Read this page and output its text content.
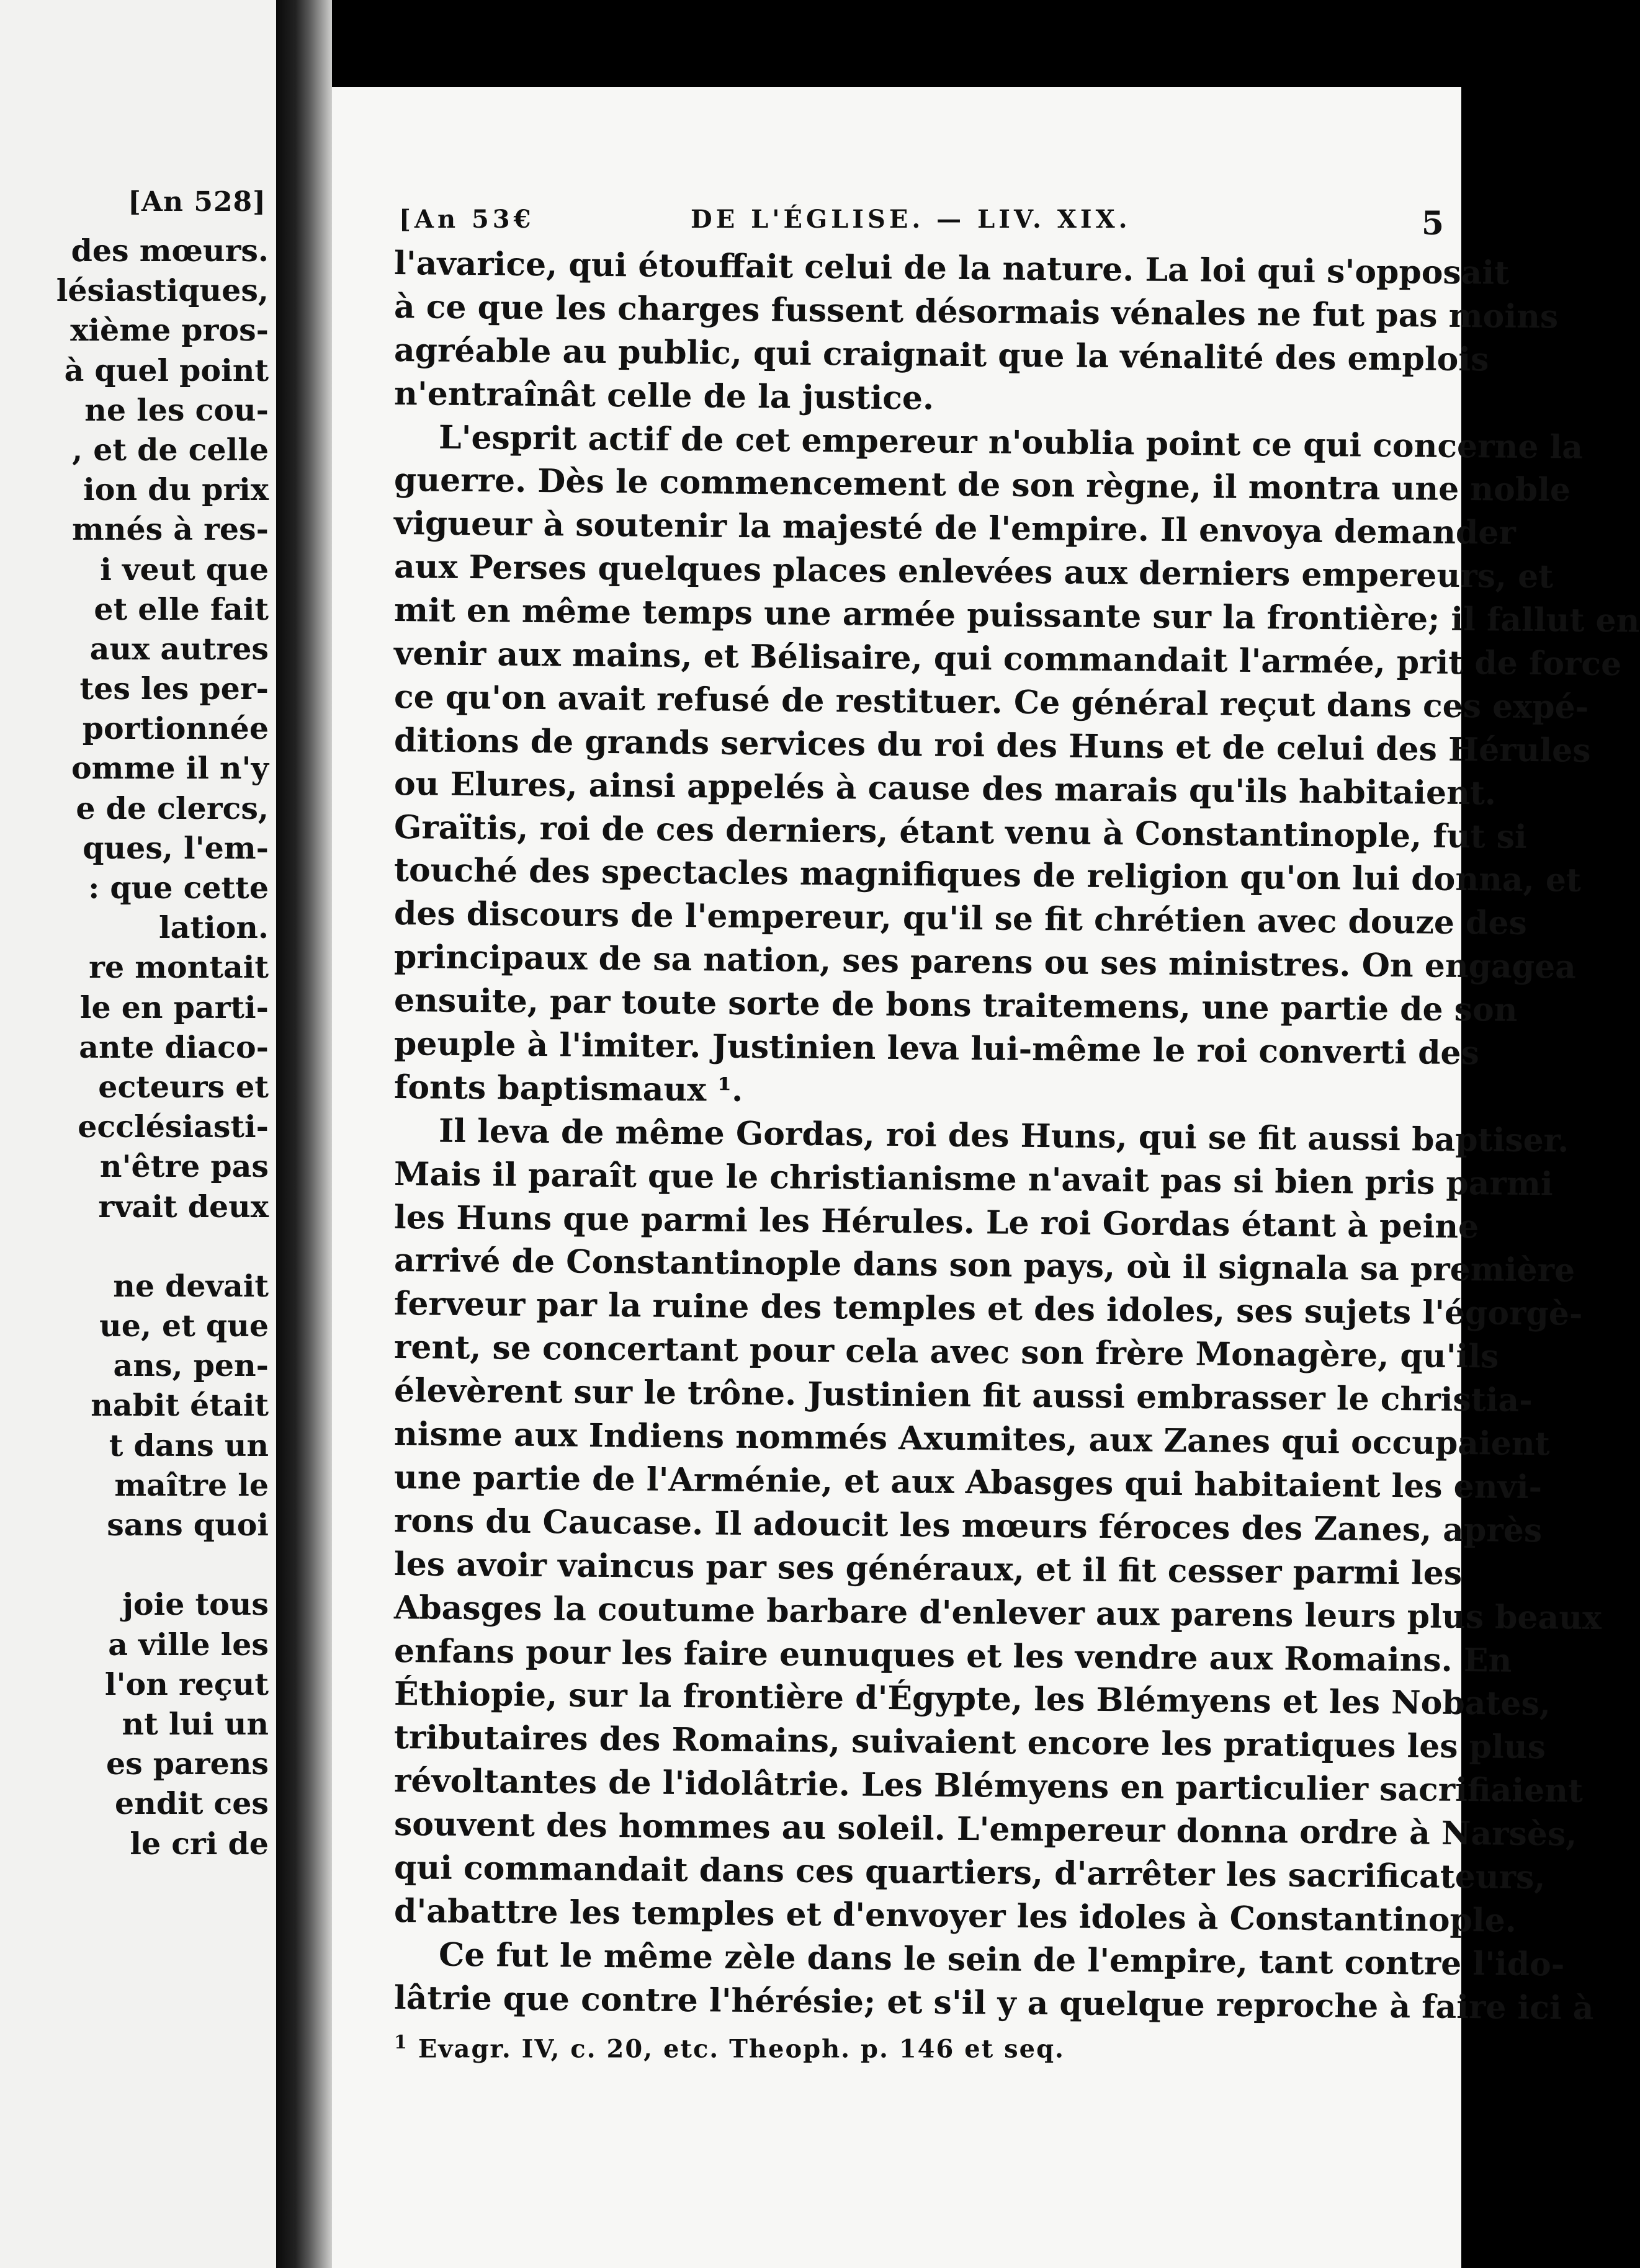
[An 528]
des mœurs.
lésiastiques,
xième pros-
à quel point
ne les cou-
, et de celle
ion du prix
mnés à res-
i veut que
et elle fait
aux autres
tes les per-
portionnée
omme il n'y
e de clercs,
ques, l'em-
: que cette
lation.
re montait
le en parti-
ante diaco-
ecteurs et
ecclésiasti-
n'être pas
rvait deux
ne devait
ue, et que
ans, pen-
nabit était
t dans un
maître le
sans quoi
joie tous
a ville les
l'on reçut
nt lui un
es parens
endit ces
le cri de
[An 53€	DE L'ÉGLISE. — LIV. XIX.	5
l'avarice, qui étouffait celui de la nature. La loi qui s'opposait
à ce que les charges fussent désormais vénales ne fut pas moins
agréable au public, qui craignait que la vénalité des emplois
n'entraînât celle de la justice.
L'esprit actif de cet empereur n'oublia point ce qui concerne la
guerre. Dès le commencement de son règne, il montra une noble
vigueur à soutenir la majesté de l'empire. Il envoya demander
aux Perses quelques places enlevées aux derniers empereurs, et
mit en même temps une armée puissante sur la frontière; il fallut en
venir aux mains, et Bélisaire, qui commandait l'armée, prit de force
ce qu'on avait refusé de restituer. Ce général reçut dans ces expé-
ditions de grands services du roi des Huns et de celui des Hérules
ou Elures, ainsi appelés à cause des marais qu'ils habitaient.
Graïtis, roi de ces derniers, étant venu à Constantinople, fut si
touché des spectacles magnifiques de religion qu'on lui donna, et
des discours de l'empereur, qu'il se fit chrétien avec douze des
principaux de sa nation, ses parens ou ses ministres. On engagea
ensuite, par toute sorte de bons traitemens, une partie de son
peuple à l'imiter. Justinien leva lui-même le roi converti des
fonts baptismaux ¹.
Il leva de même Gordas, roi des Huns, qui se fit aussi baptiser.
Mais il paraît que le christianisme n'avait pas si bien pris parmi
les Huns que parmi les Hérules. Le roi Gordas étant à peine
arrivé de Constantinople dans son pays, où il signala sa première
ferveur par la ruine des temples et des idoles, ses sujets l'égorgè-
rent, se concertant pour cela avec son frère Monagère, qu'ils
élevèrent sur le trône. Justinien fit aussi embrasser le christia-
nisme aux Indiens nommés Axumites, aux Zanes qui occupaient
une partie de l'Arménie, et aux Abasges qui habitaient les envi-
rons du Caucase. Il adoucit les mœurs féroces des Zanes, après
les avoir vaincus par ses généraux, et il fit cesser parmi les
Abasges la coutume barbare d'enlever aux parens leurs plus beaux
enfans pour les faire eunuques et les vendre aux Romains. En
Éthiopie, sur la frontière d'Égypte, les Blémyens et les Nobates,
tributaires des Romains, suivaient encore les pratiques les plus
révoltantes de l'idolâtrie. Les Blémyens en particulier sacrifiaient
souvent des hommes au soleil. L'empereur donna ordre à Narsès,
qui commandait dans ces quartiers, d'arrêter les sacrificateurs,
d'abattre les temples et d'envoyer les idoles à Constantinople.
Ce fut le même zèle dans le sein de l'empire, tant contre l'ido-
lâtrie que contre l'hérésie; et s'il y a quelque reproche à faire ici à
$^1$ Evagr. IV, c. 20, etc. Theoph. p. 146 et seq.
